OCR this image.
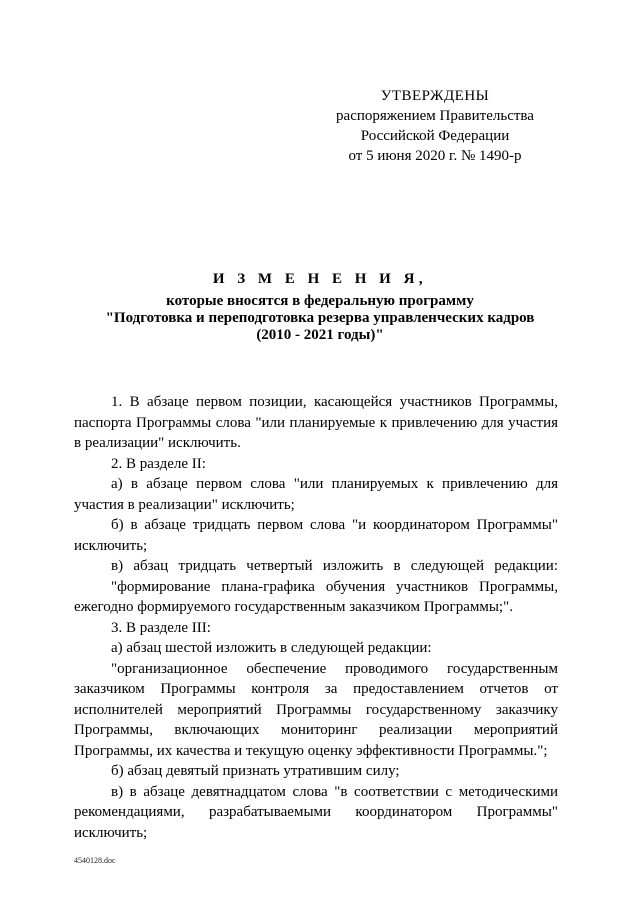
УТВЕРЖДЕНЫ
распоряжением Правительства
Российской Федерации
от 5 июня 2020 г. № 1490-р
И З М Е Н Е Н И Я,
которые вносятся в федеральную программу
"Подготовка и переподготовка резерва управленческих кадров
(2010 - 2021 годы)"

1. В абзаце первом позиции, касающейся участников Программы,

паспорта Программы слова "или планируемые к привлечению для участия

в реализации" исключить.

2. В разделе II:

а) в абзаце первом слова "или планируемых к привлечению для

участия в реализации" исключить;

б) в абзаце тридцать первом слова "и координатором Программы"

исключить;

в) абзац тридцать четвертый изложить в следующей редакции:

"формирование плана-графика обучения участников Программы,

ежегодно формируемого государственным заказчиком Программы;".

3. В разделе III:

а) абзац шестой изложить в следующей редакции:

"организационное обеспечение проводимого государственным

заказчиком Программы контроля за предоставлением отчетов от

исполнителей мероприятий Программы государственному заказчику

Программы, включающих мониторинг реализации мероприятий

Программы, их качества и текущую оценку эффективности Программы.";

б) абзац девятый признать утратившим силу;

в) в абзаце девятнадцатом слова "в соответствии с методическими

рекомендациями, разрабатываемыми координатором Программы"

исключить;

4540128.doc
